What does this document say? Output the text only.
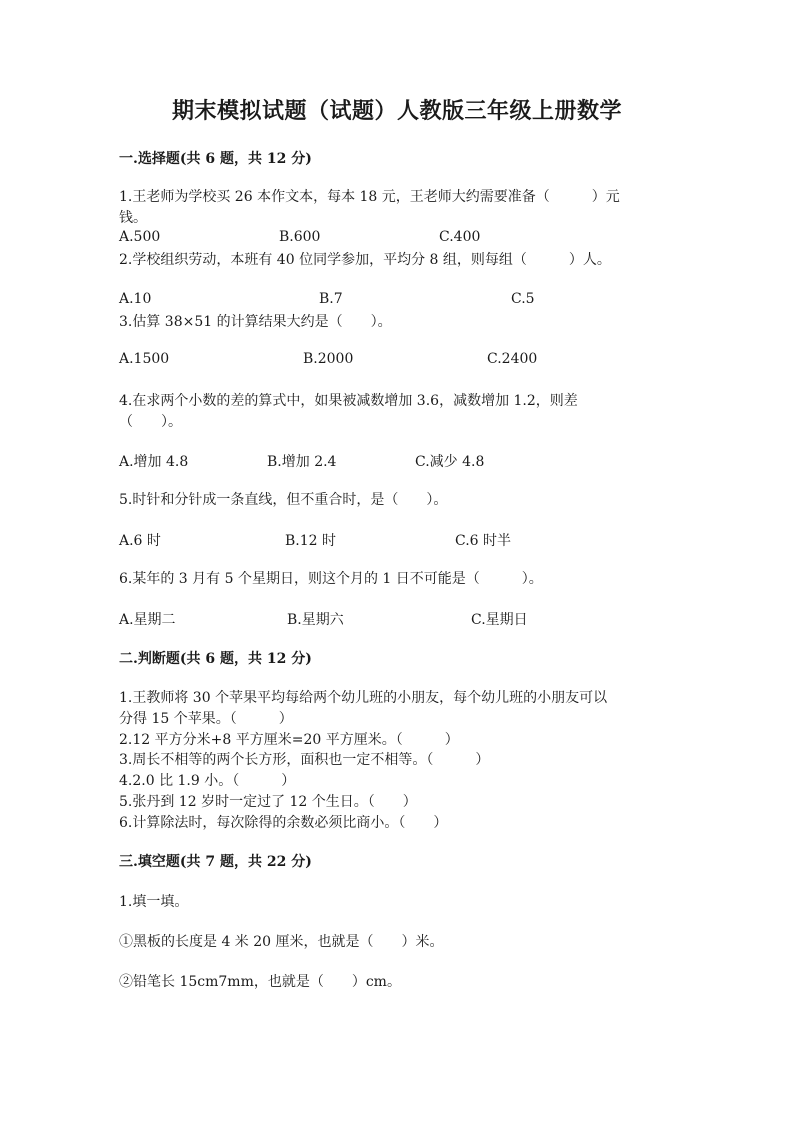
期末模拟试题（试题）人教版三年级上册数学
一.选择题(共 6 题，共 12 分)
1.王老师为学校买 26 本作文本，每本 18 元，王老师大约需要准备（　　　）元
钱。
A.500	B.600	C.400
2.学校组织劳动，本班有 40 位同学参加，平均分 8 组，则每组（　　　）人。
A.10	B.7	C.5
3.估算 38×51 的计算结果大约是（　　）。
A.1500	B.2000	C.2400
4.在求两个小数的差的算式中，如果被减数增加 3.6，减数增加 1.2，则差
（　　）。
A.增加 4.8	B.增加 2.4	C.减少 4.8
5.时针和分针成一条直线，但不重合时，是（　　）。
A.6 时	B.12 时	C.6 时半
6.某年的 3 月有 5 个星期日，则这个月的 1 日不可能是（　　　）。
A.星期二	B.星期六	C.星期日
二.判断题(共 6 题，共 12 分)
1.王教师将 30 个苹果平均每给两个幼儿班的小朋友，每个幼儿班的小朋友可以
分得 15 个苹果。（　　　）
2.12 平方分米+8 平方厘米=20 平方厘米。（　　　）
3.周长不相等的两个长方形，面积也一定不相等。（　　　）
4.2.0 比 1.9 小。（　　　）
5.张丹到 12 岁时一定过了 12 个生日。（　　）
6.计算除法时，每次除得的余数必须比商小。（　　）
三.填空题(共 7 题，共 22 分)
1.填一填。
①黑板的长度是 4 米 20 厘米，也就是（　　）米。
②铅笔长 15cm7mm，也就是（　　）cm。
